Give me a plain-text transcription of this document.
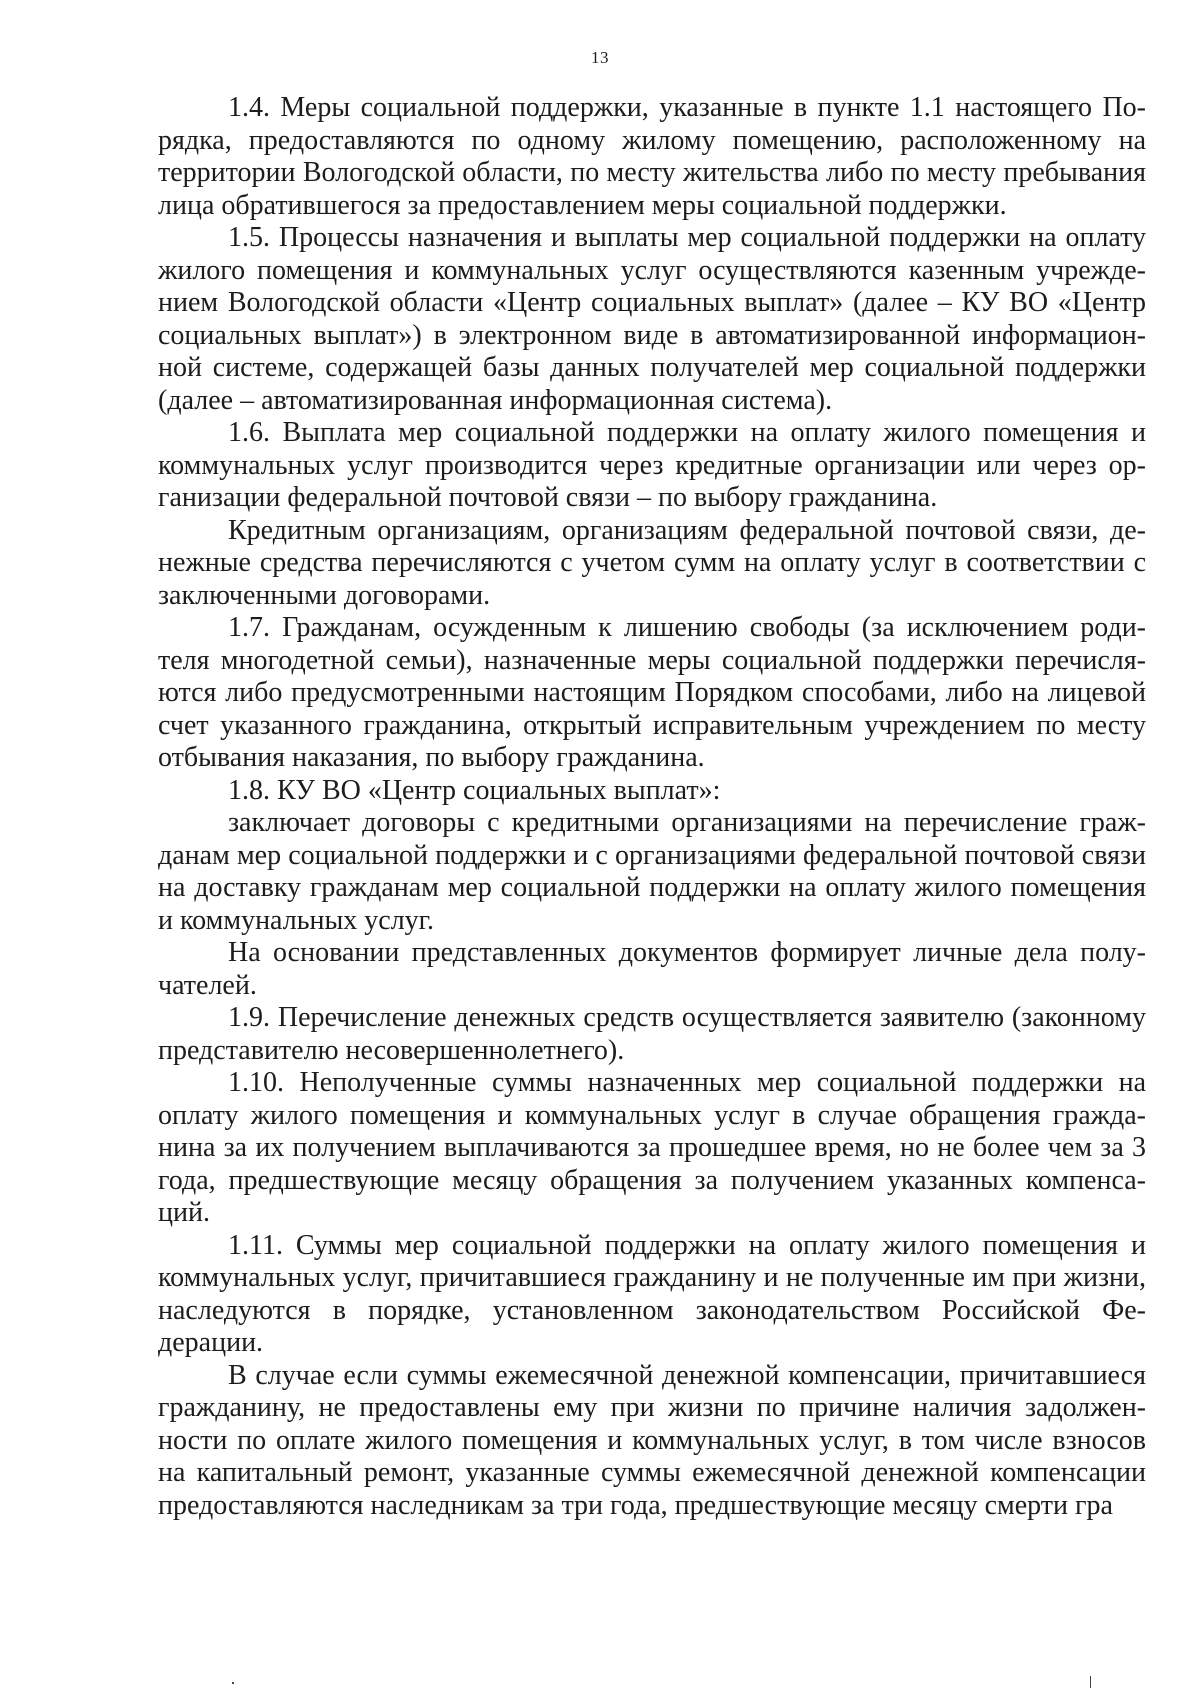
13

1.4. Меры социальной поддержки, указанные в пункте 1.1 настоящего Порядка, предоставляются по одному жилому помещению, расположенному на территории Вологодской области, по месту жительства либо по месту пребывания лица обратившегося за предоставлением меры социальной поддержки.

1.5. Процессы назначения и выплаты мер социальной поддержки на оплату жилого помещения и коммунальных услуг осуществляются казенным учреждением Вологодской области «Центр социальных выплат» (далее – КУ ВО «Центр социальных выплат») в электронном виде в автоматизированной информационной системе, содержащей базы данных получателей мер социальной поддержки (далее – автоматизированная информационная система).

1.6. Выплата мер социальной поддержки на оплату жилого помещения и коммунальных услуг производится через кредитные организации или через организации федеральной почтовой связи – по выбору гражданина.

Кредитным организациям, организациям федеральной почтовой связи, денежные средства перечисляются с учетом сумм на оплату услуг в соответствии с заключенными договорами.

1.7. Гражданам, осужденным к лишению свободы (за исключением родителя многодетной семьи), назначенные меры социальной поддержки перечисляются либо предусмотренными настоящим Порядком способами, либо на лицевой счет указанного гражданина, открытый исправительным учреждением по месту отбывания наказания, по выбору гражданина.

1.8. КУ ВО «Центр социальных выплат»:

заключает договоры с кредитными организациями на перечисление гражданам мер социальной поддержки и с организациями федеральной почтовой связи на доставку гражданам мер социальной поддержки на оплату жилого помещения и коммунальных услуг.

На основании представленных документов формирует личные дела получателей.

1.9. Перечисление денежных средств осуществляется заявителю (законному представителю несовершеннолетнего).

1.10. Неполученные суммы назначенных мер социальной поддержки на оплату жилого помещения и коммунальных услуг в случае обращения гражданина за их получением выплачиваются за прошедшее время, но не более чем за 3 года, предшествующие месяцу обращения за получением указанных компенсаций.

1.11. Суммы мер социальной поддержки на оплату жилого помещения и коммунальных услуг, причитавшиеся гражданину и не полученные им при жизни, наследуются в порядке, установленном законодательством Российской Федерации.

В случае если суммы ежемесячной денежной компенсации, причитавшиеся гражданину, не предоставлены ему при жизни по причине наличия задолженности по оплате жилого помещения и коммунальных услуг, в том числе взносов на капитальный ремонт, указанные суммы ежемесячной денежной компенсации предоставляются наследникам за три года, предшествующие месяцу смерти гра
